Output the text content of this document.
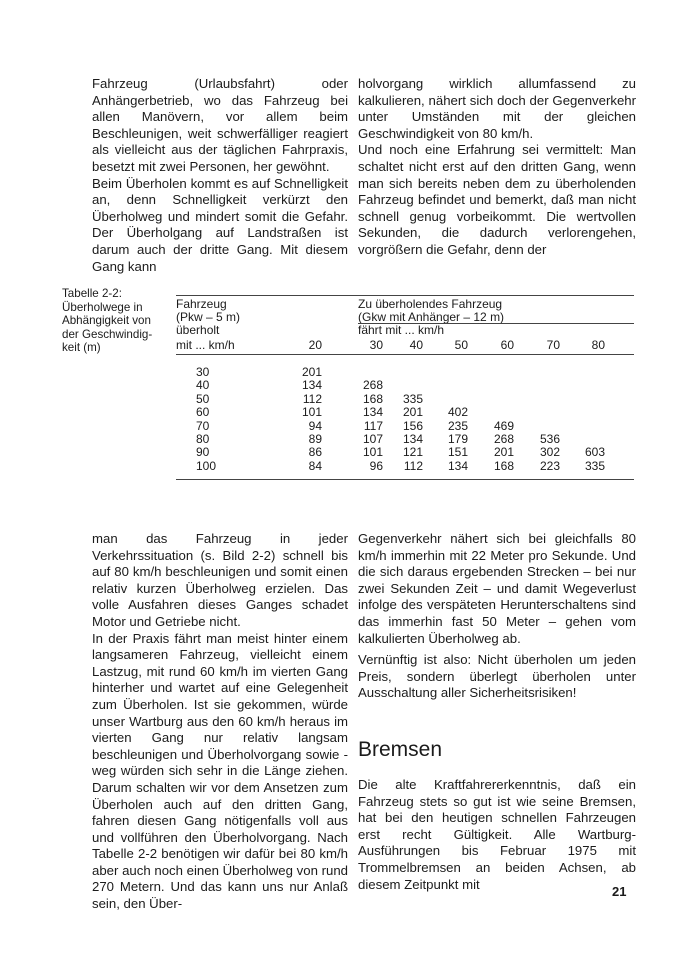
Fahrzeug (Urlaubsfahrt) oder Anhängerbetrieb, wo das Fahrzeug bei allen Manövern, vor allem beim Beschleunigen, weit schwerfälliger reagiert als vielleicht aus der täglichen Fahrpraxis, besetzt mit zwei Personen, her gewöhnt.

Beim Überholen kommt es auf Schnelligkeit an, denn Schnelligkeit verkürzt den Überholweg und mindert somit die Gefahr. Der Überholgang auf Landstraßen ist darum auch der dritte Gang. Mit diesem Gang kann

holvorgang wirklich allumfassend zu kalkulieren, nähert sich doch der Gegenverkehr unter Umständen mit der gleichen Geschwindigkeit von 80 km/h.

Und noch eine Erfahrung sei vermittelt: Man schaltet nicht erst auf den dritten Gang, wenn man sich bereits neben dem zu überholenden Fahrzeug befindet und bemerkt, daß man nicht schnell genug vorbeikommt. Die wertvollen Sekunden, die dadurch verlorengehen, vorgrößern die Gefahr, denn der

Tabelle 2-2:
Überholwege in
Abhängigkeit von
der Geschwindig-
keit (m)
Fahrzeug
(Pkw – 5 m)
überholt
mit ... km/h
Zu überholendes Fahrzeug
(Gkw mit Anhänger – 12 m)
fährt mit ... km/h
20	30	40	50	60	70	80
30	201
40	134	268
50	112	168	335
60	101	134	201	402
70	94	117	156	235	469
80	89	107	134	179	268	536
90	86	101	121	151	201	302	603
100	84	96	112	134	168	223	335

man das Fahrzeug in jeder Verkehrssituation (s. Bild 2-2) schnell bis auf 80 km/h beschleunigen und somit einen relativ kurzen Überholweg erzielen. Das volle Ausfahren dieses Ganges schadet Motor und Getriebe nicht.

In der Praxis fährt man meist hinter einem langsameren Fahrzeug, vielleicht einem Lastzug, mit rund 60 km/h im vierten Gang hinterher und wartet auf eine Gelegenheit zum Überholen. Ist sie gekommen, würde unser Wartburg aus den 60 km/h heraus im vierten Gang nur relativ langsam beschleunigen und Überholvorgang sowie -weg würden sich sehr in die Länge ziehen. Darum schalten wir vor dem Ansetzen zum Überholen auch auf den dritten Gang, fahren diesen Gang nötigenfalls voll aus und vollführen den Überholvorgang. Nach Tabelle 2-2 benötigen wir dafür bei 80 km/h aber auch noch einen Überholweg von rund 270 Metern. Und das kann uns nur Anlaß sein, den Über-

Gegenverkehr nähert sich bei gleichfalls 80 km/h immerhin mit 22 Meter pro Sekunde. Und die sich daraus ergebenden Strecken – bei nur zwei Sekunden Zeit – und damit Wegeverlust infolge des verspäteten Herunterschaltens sind das immerhin fast 50 Meter – gehen vom kalkulierten Überholweg ab.

Vernünftig ist also: Nicht überholen um jeden Preis, sondern überlegt überholen unter Ausschaltung aller Sicherheitsrisiken!

Bremsen

Die alte Kraftfahrererkenntnis, daß ein Fahrzeug stets so gut ist wie seine Bremsen, hat bei den heutigen schnellen Fahrzeugen erst recht Gültigkeit. Alle Wartburg-Ausführungen bis Februar 1975 mit Trommelbremsen an beiden Achsen, ab diesem Zeitpunkt mit	21
